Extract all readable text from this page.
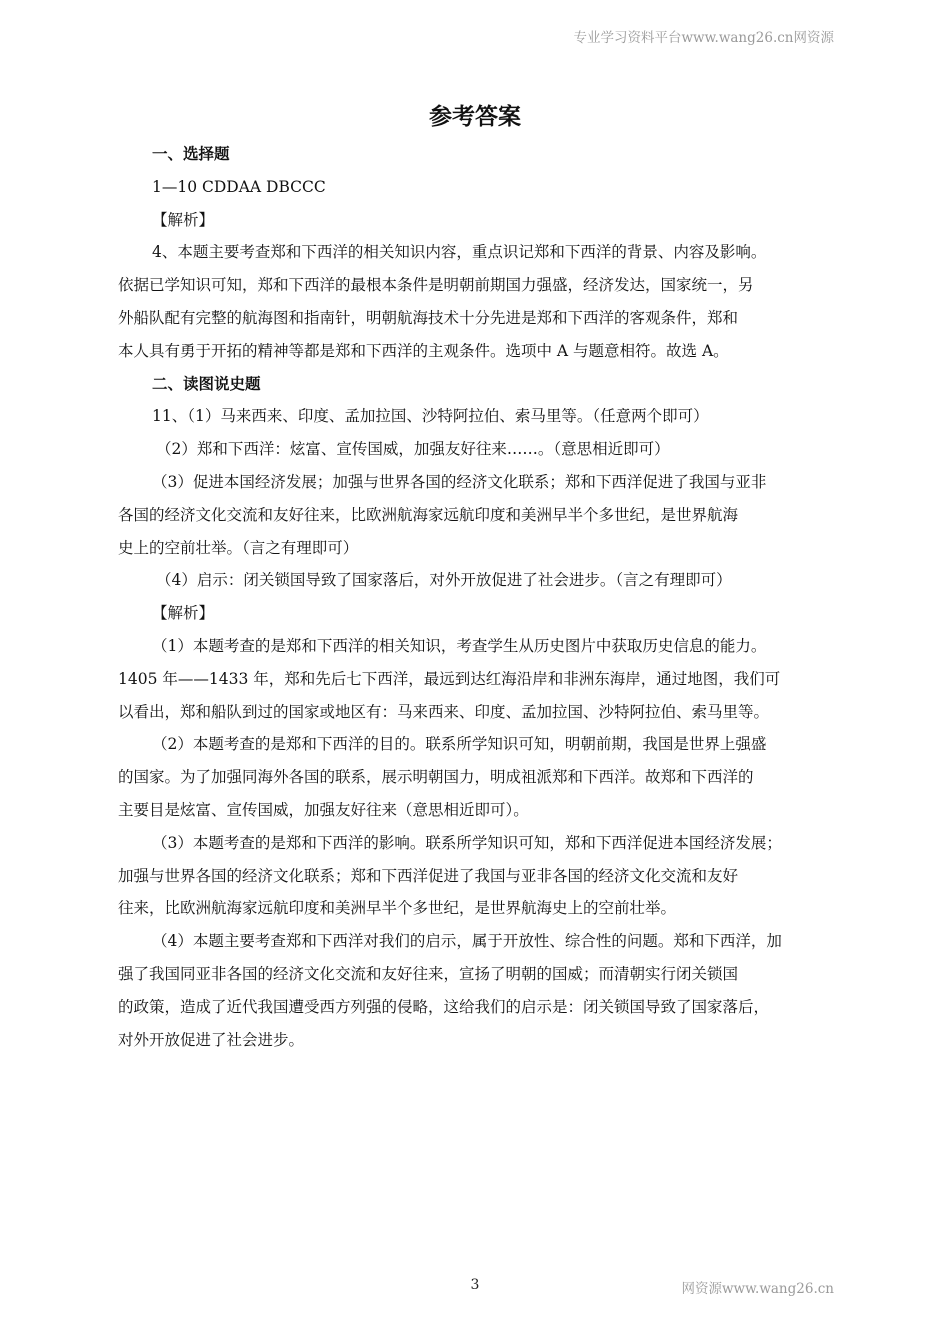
专业学习资料平台www.wang26.cn网资源
参考答案
一、选择题
1—10 CDDAA DBCCC
【解析】
4、本题主要考查郑和下西洋的相关知识内容，重点识记郑和下西洋的背景、内容及影响。
依据已学知识可知，郑和下西洋的最根本条件是明朝前期国力强盛，经济发达，国家统一，另
外船队配有完整的航海图和指南针，明朝航海技术十分先进是郑和下西洋的客观条件，郑和
本人具有勇于开拓的精神等都是郑和下西洋的主观条件。选项中 A 与题意相符。故选 A。
二、读图说史题
11、（1）马来西来、印度、孟加拉国、沙特阿拉伯、索马里等。（任意两个即可）
（2）郑和下西洋：炫富、宣传国威，加强友好往来……。（意思相近即可）
（3）促进本国经济发展；加强与世界各国的经济文化联系；郑和下西洋促进了我国与亚非
各国的经济文化交流和友好往来，比欧洲航海家远航印度和美洲早半个多世纪，是世界航海
史上的空前壮举。（言之有理即可）
（4）启示：闭关锁国导致了国家落后，对外开放促进了社会进步。（言之有理即可）
【解析】
（1）本题考查的是郑和下西洋的相关知识，考查学生从历史图片中获取历史信息的能力。
1405 年——1433 年，郑和先后七下西洋，最远到达红海沿岸和非洲东海岸，通过地图，我们可
以看出，郑和船队到过的国家或地区有：马来西来、印度、孟加拉国、沙特阿拉伯、索马里等。
（2）本题考查的是郑和下西洋的目的。联系所学知识可知，明朝前期，我国是世界上强盛
的国家。为了加强同海外各国的联系，展示明朝国力，明成祖派郑和下西洋。故郑和下西洋的
主要目是炫富、宣传国威，加强友好往来（意思相近即可）。
（3）本题考查的是郑和下西洋的影响。联系所学知识可知，郑和下西洋促进本国经济发展；
加强与世界各国的经济文化联系；郑和下西洋促进了我国与亚非各国的经济文化交流和友好
往来，比欧洲航海家远航印度和美洲早半个多世纪，是世界航海史上的空前壮举。
（4）本题主要考查郑和下西洋对我们的启示，属于开放性、综合性的问题。郑和下西洋，加
强了我国同亚非各国的经济文化交流和友好往来，宣扬了明朝的国威；而清朝实行闭关锁国
的政策，造成了近代我国遭受西方列强的侵略，这给我们的启示是：闭关锁国导致了国家落后，
对外开放促进了社会进步。
3	网资源www.wang26.cn
